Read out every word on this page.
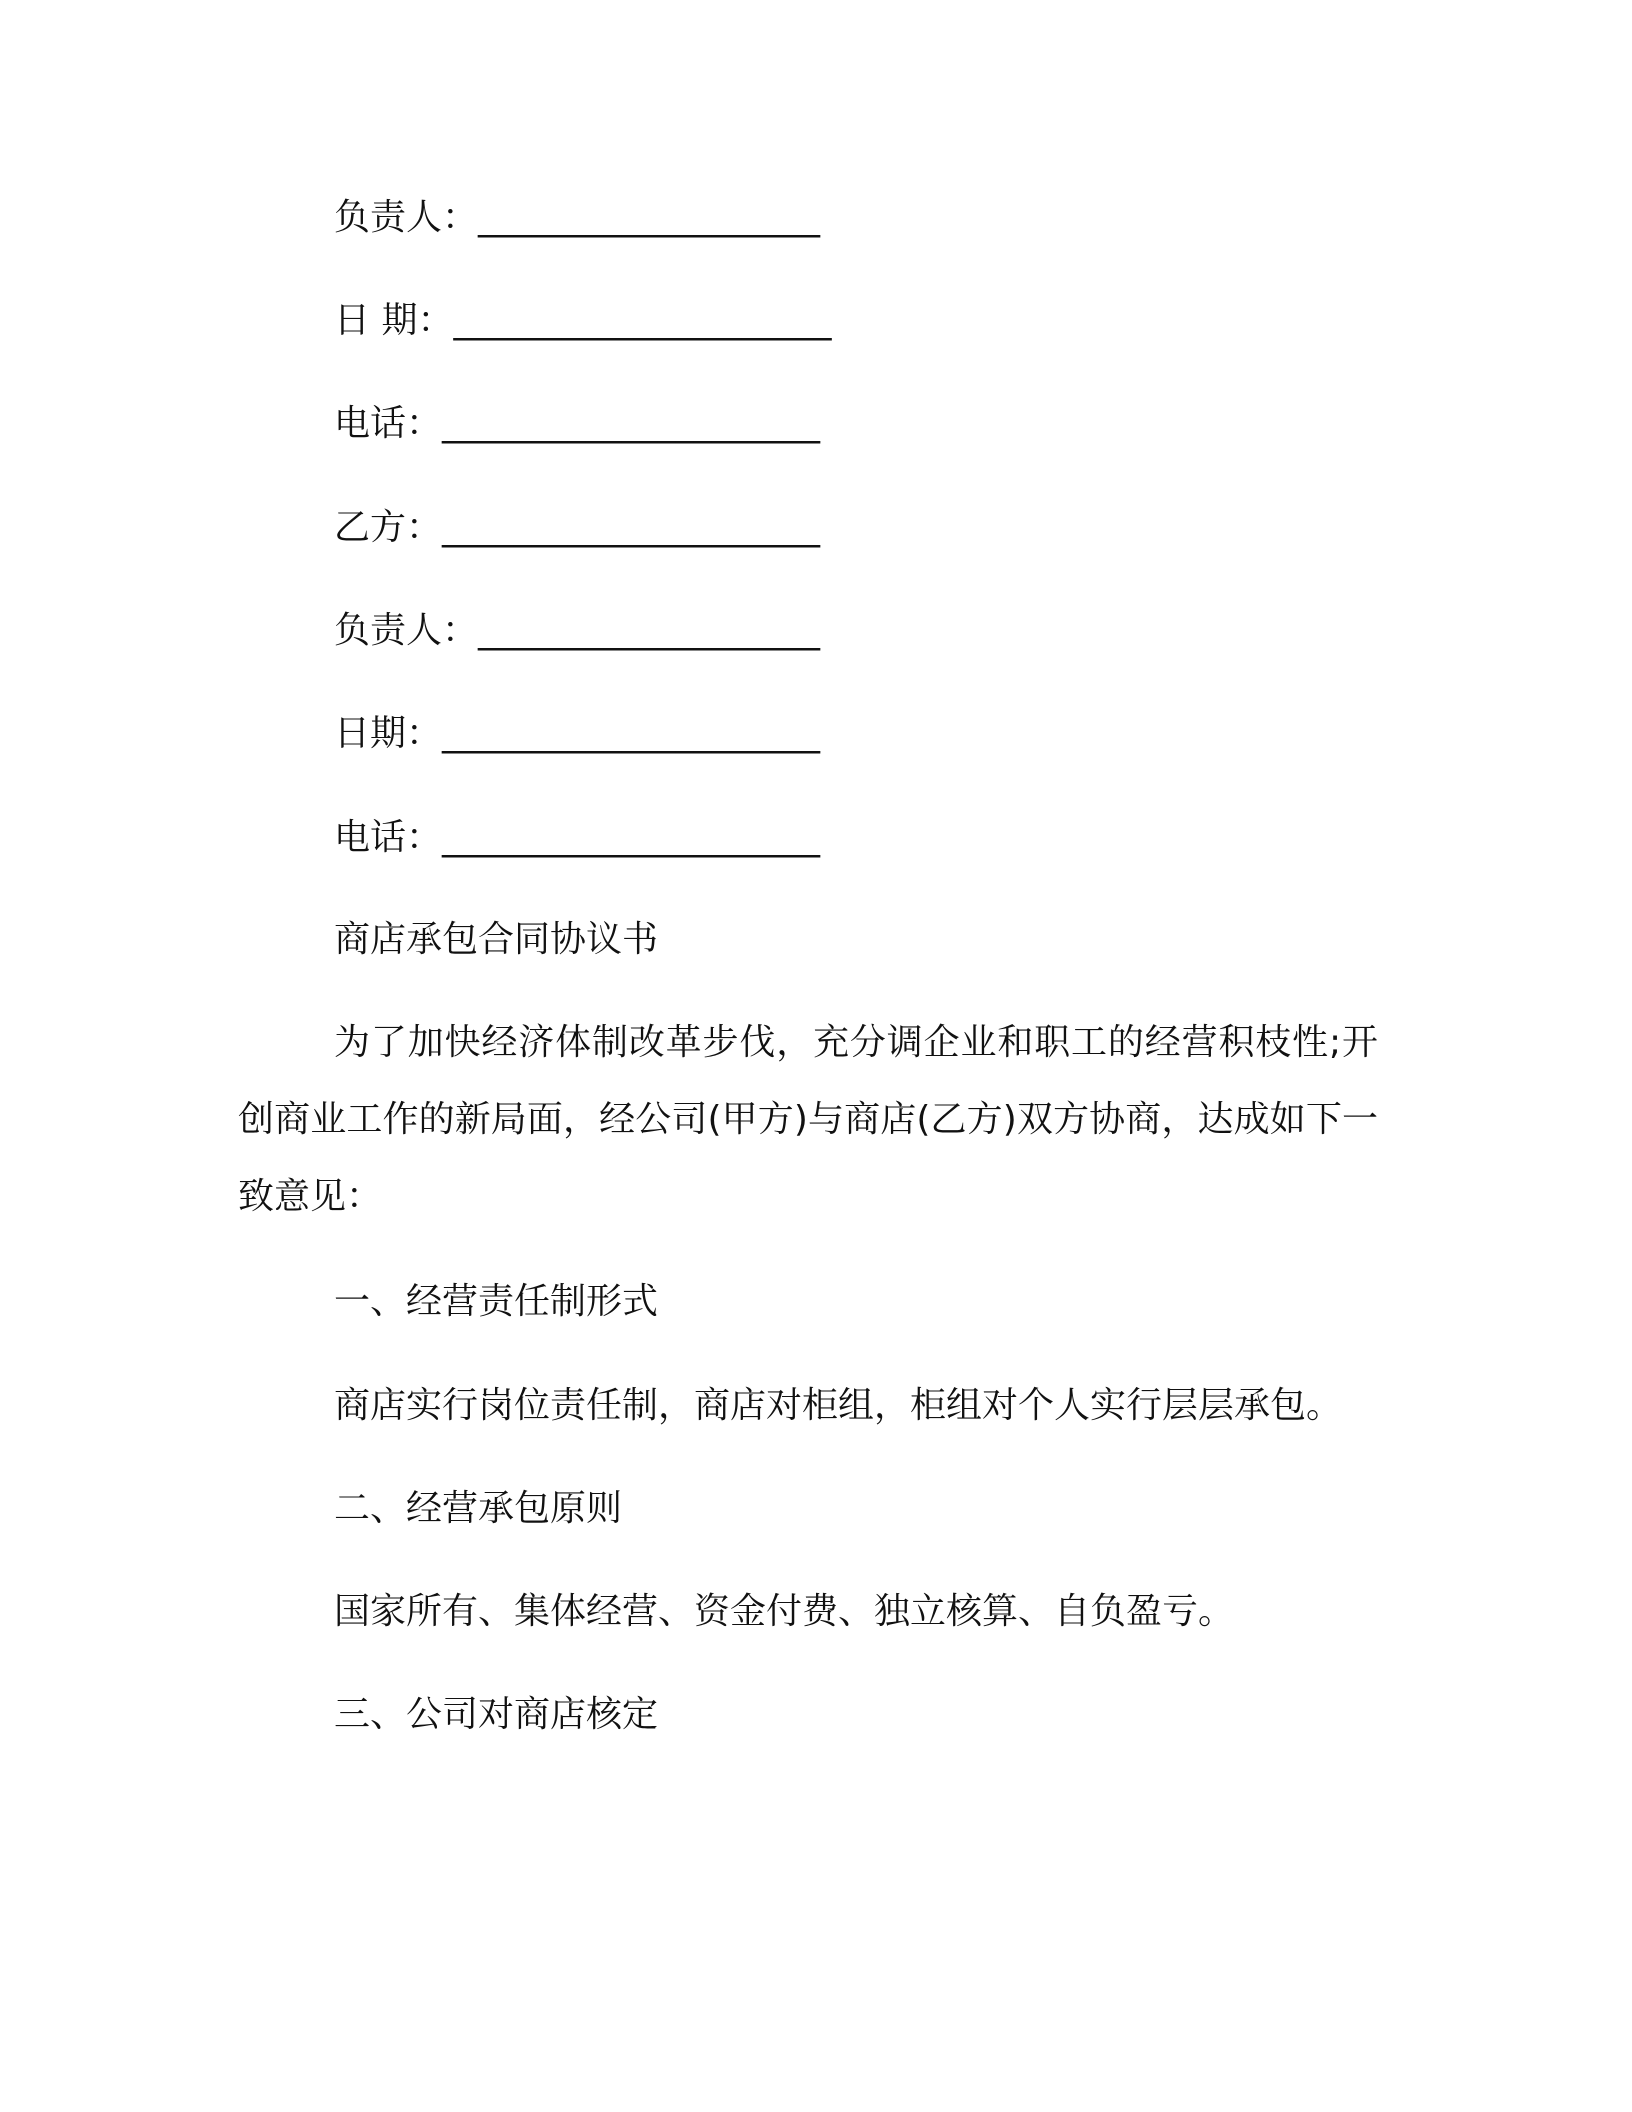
负责人：___________________
日 期：_____________________
电话：_____________________
乙方：_____________________
负责人：___________________
日期：_____________________
电话：_____________________
商店承包合同协议书
为了加快经济体制改革步伐，充分调企业和职工的经营积枝性;开创商业工作的新局面，经公司(甲方)与商店(乙方)双方协商，达成如下一致意见：
一、经营责任制形式
商店实行岗位责任制，商店对柜组，柜组对个人实行层层承包。
二、经营承包原则
国家所有、集体经营、资金付费、独立核算、自负盈亏。
三、公司对商店核定
